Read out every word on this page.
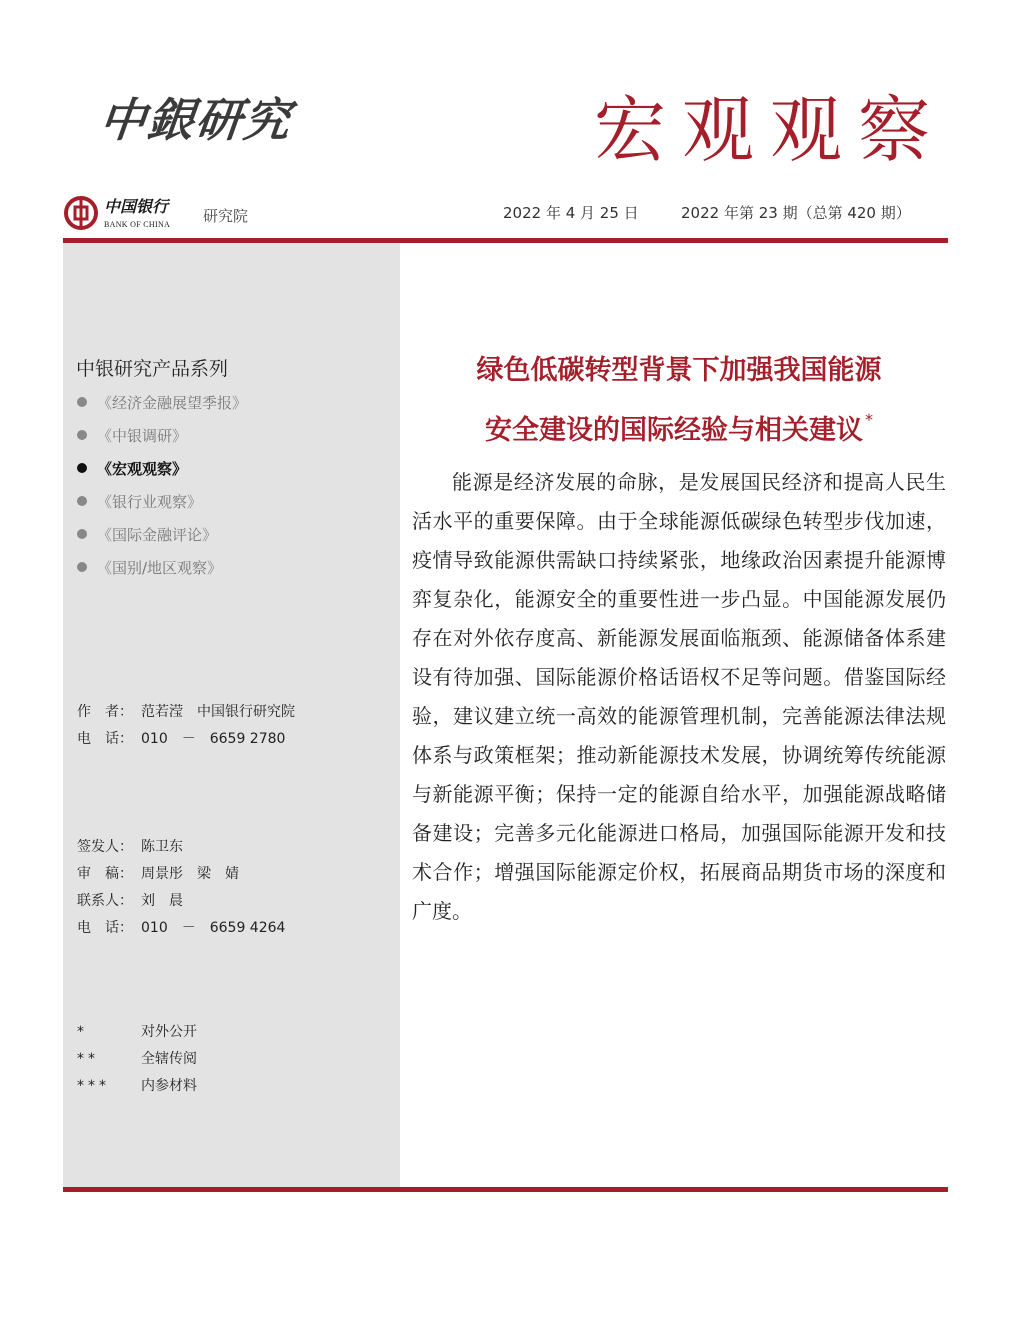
中銀研究	宏观观察
中国银行
BANK OF CHINA 研究院	2022 年 4 月 25 日	2022 年第 23 期（总第 420 期）
中银研究产品系列
《经济金融展望季报》
《中银调研》
《宏观观察》
《银行业观察》
《国际金融评论》
《国别/地区观察》
作　者： 范若滢　中国银行研究院
电　话： 010　－　6659 2780
签发人： 陈卫东
审　稿： 周景彤　梁　婧
联系人： 刘　晨
电　话： 010　－　6659 4264
*	对外公开
**	全辖传阅
*** 内参材料
绿色低碳转型背景下加强我国能源
安全建设的国际经验与相关建议 *

能源是经济发展的命脉，是发展国民经济和提高人民生活水平的重要保障。由于全球能源低碳绿色转型步伐加速，疫情导致能源供需缺口持续紧张，地缘政治因素提升能源博弈复杂化，能源安全的重要性进一步凸显。中国能源发展仍存在对外依存度高、新能源发展面临瓶颈、能源储备体系建设有待加强、国际能源价格话语权不足等问题。借鉴国际经验，建议建立统一高效的能源管理机制，完善能源法律法规体系与政策框架；推动新能源技术发展，协调统筹传统能源与新能源平衡；保持一定的能源自给水平，加强能源战略储备建设；完善多元化能源进口格局，加强国际能源开发和技术合作；增强国际能源定价权，拓展商品期货市场的深度和广度。
